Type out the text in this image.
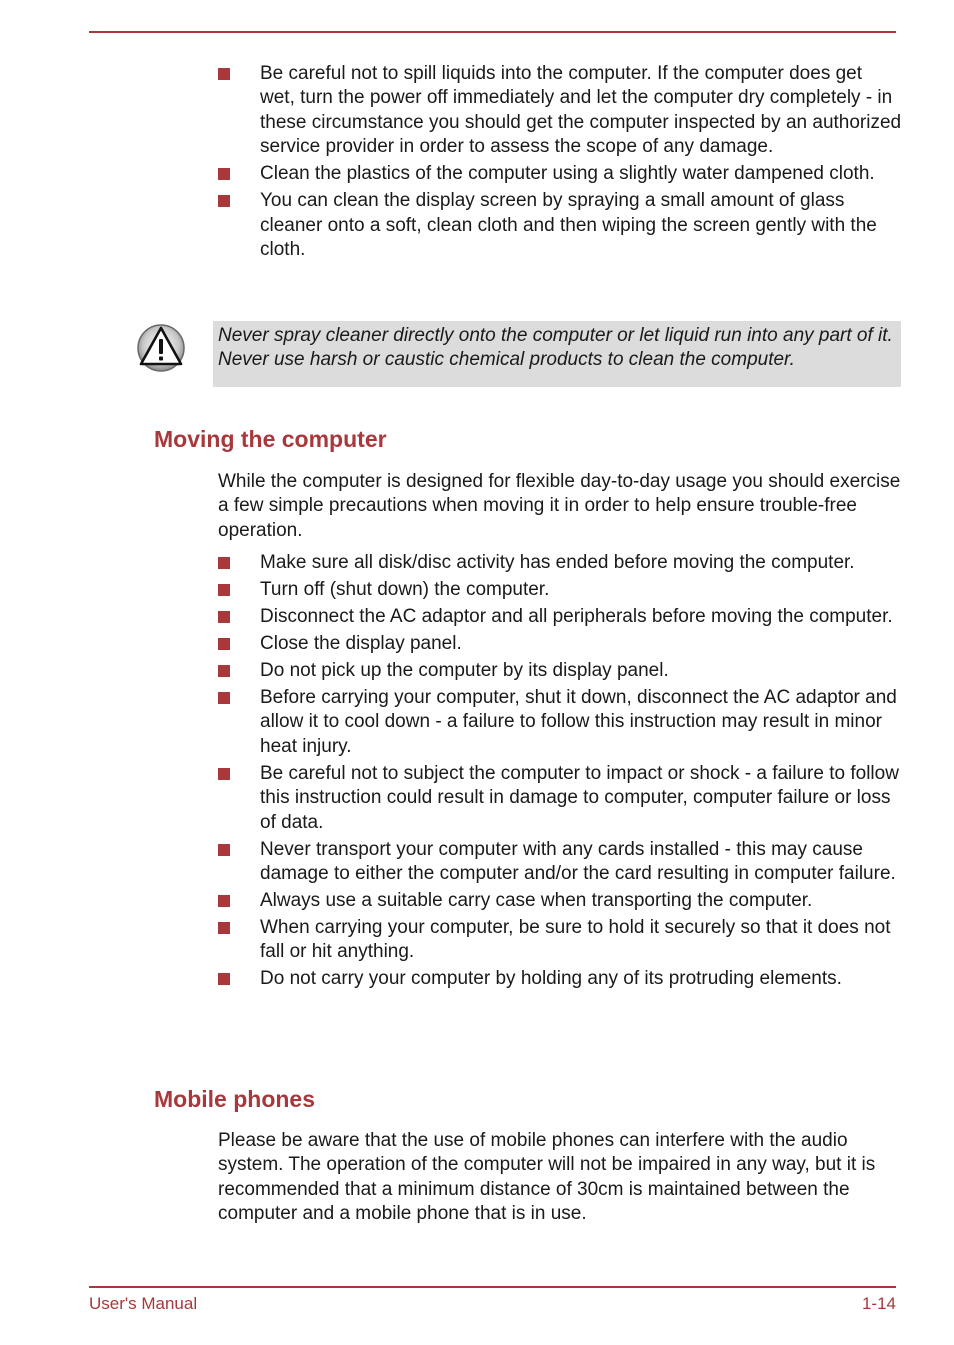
Be careful not to spill liquids into the computer. If the computer does get wet, turn the power off immediately and let the computer dry completely - in these circumstance you should get the computer inspected by an authorized service provider in order to assess the scope of any damage.
Clean the plastics of the computer using a slightly water dampened cloth.
You can clean the display screen by spraying a small amount of glass cleaner onto a soft, clean cloth and then wiping the screen gently with the cloth.
Never spray cleaner directly onto the computer or let liquid run into any part of it. Never use harsh or caustic chemical products to clean the computer.
Moving the computer

While the computer is designed for flexible day-to-day usage you should exercise a few simple precautions when moving it in order to help ensure trouble-free operation.

Make sure all disk/disc activity has ended before moving the computer.
Turn off (shut down) the computer.
Disconnect the AC adaptor and all peripherals before moving the computer.
Close the display panel.
Do not pick up the computer by its display panel.
Before carrying your computer, shut it down, disconnect the AC adaptor and allow it to cool down - a failure to follow this instruction may result in minor heat injury.
Be careful not to subject the computer to impact or shock - a failure to follow this instruction could result in damage to computer, computer failure or loss of data.
Never transport your computer with any cards installed - this may cause damage to either the computer and/or the card resulting in computer failure.
Always use a suitable carry case when transporting the computer.
When carrying your computer, be sure to hold it securely so that it does not fall or hit anything.
Do not carry your computer by holding any of its protruding elements.
Mobile phones

Please be aware that the use of mobile phones can interfere with the audio system. The operation of the computer will not be impaired in any way, but it is recommended that a minimum distance of 30cm is maintained between the computer and a mobile phone that is in use.

User's Manual	1-14
